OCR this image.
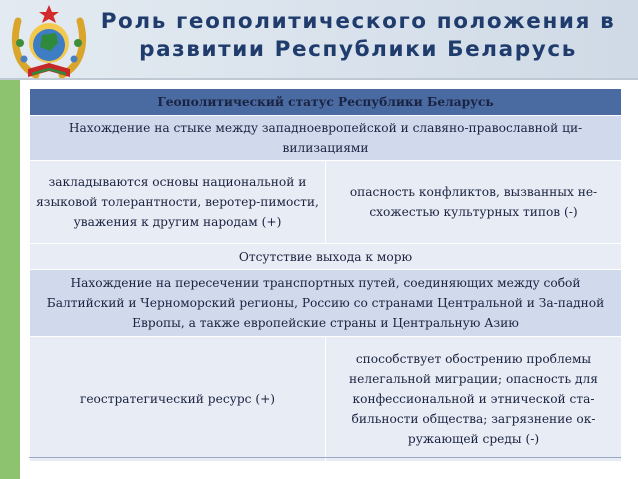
Роль геополитического положения в
развитии Республики Беларусь
Геополитический статус Республики Беларусь	
Нахождение на стыке между западноевропейской и славяно-православной ци-вилизациями	
закладываются основы национальной и языковой толерантности, веротер-пимости, уважения к другим народам (+)	опасность конфликтов, вызванных не-схожестью культурных типов (-)
Отсутствие выхода к морю	
Нахождение на пересечении транспортных путей, соединяющих между собой Балтийский и Черноморский регионы, Россию со странами Центральной и За-падной Европы, а также европейские страны и Центральную Азию	
геостратегический ресурс (+)	способствует обострению проблемы нелегальной миграции; опасность для конфессиональной и этнической ста-бильности общества; загрязнение ок-ружающей среды (-)
